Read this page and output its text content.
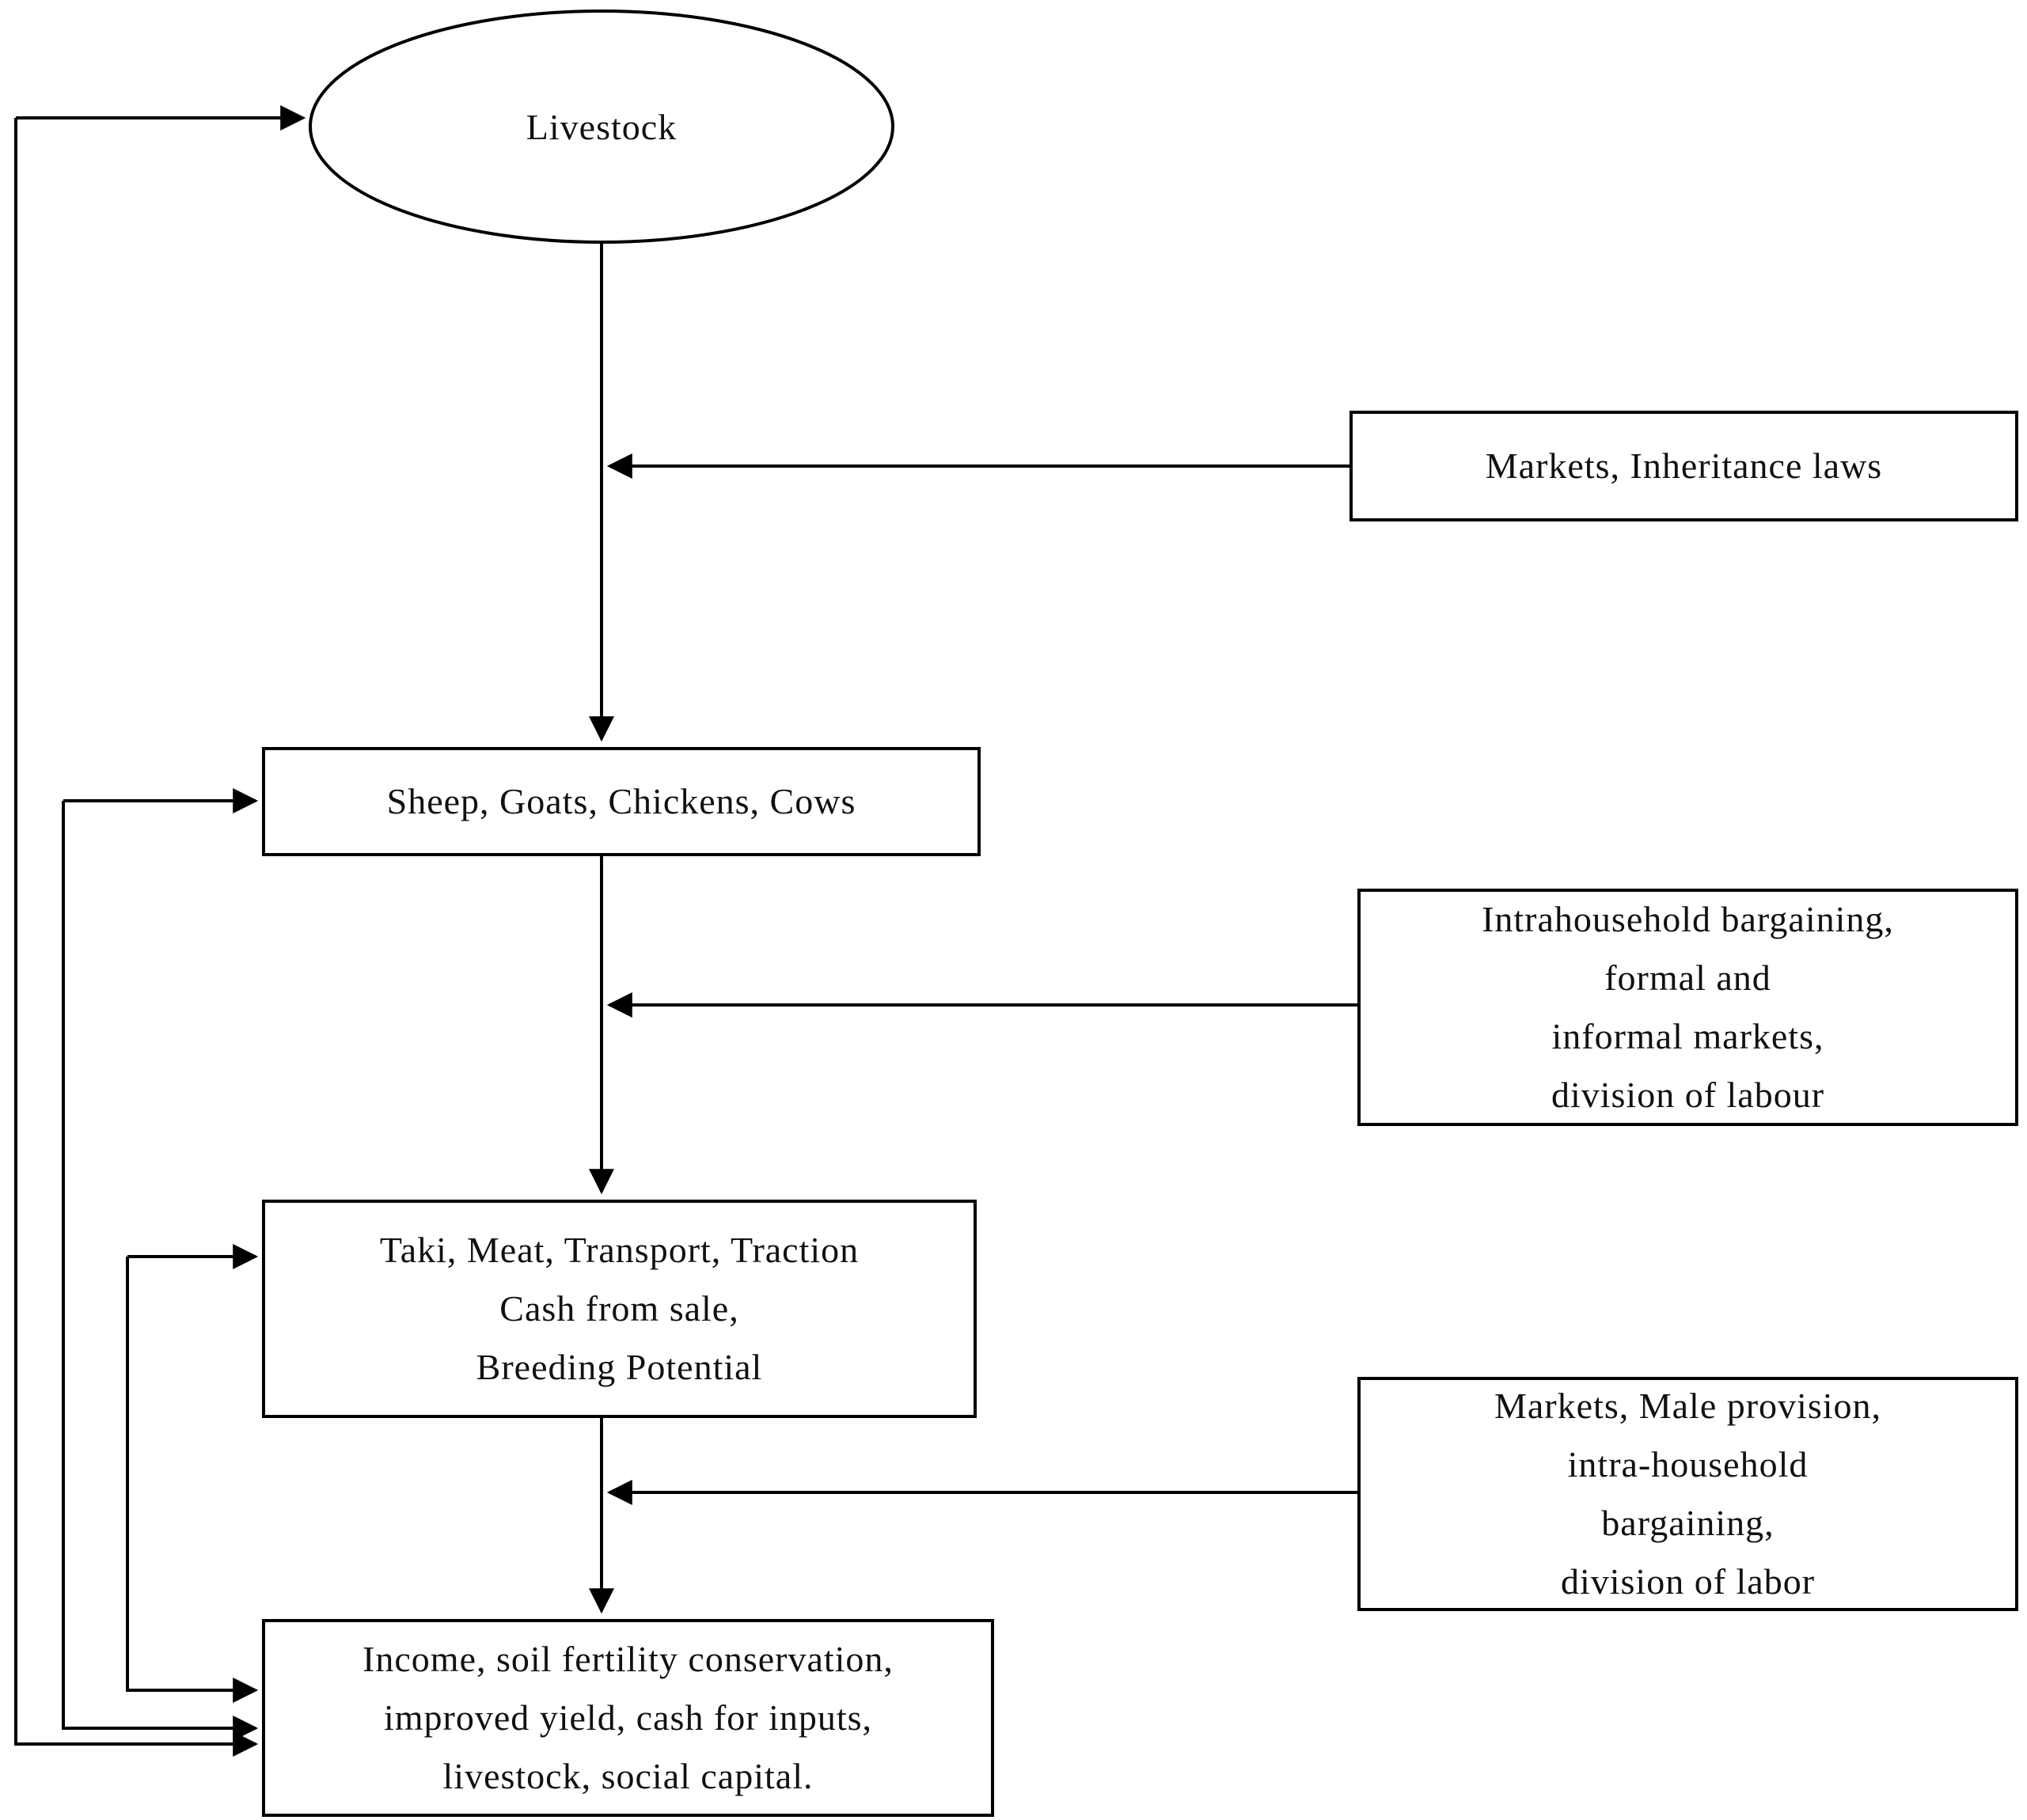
Livestock
Sheep, Goats, Chickens, Cows
Taki, Meat, Transport, Traction
Cash from sale,
Breeding Potential
Income, soil fertility conservation,
improved yield, cash for inputs,
livestock, social capital.
Markets, Inheritance laws
Intrahousehold bargaining,
formal and
informal markets,
division of labour
Markets, Male provision,
intra-household
bargaining,
division of labor
